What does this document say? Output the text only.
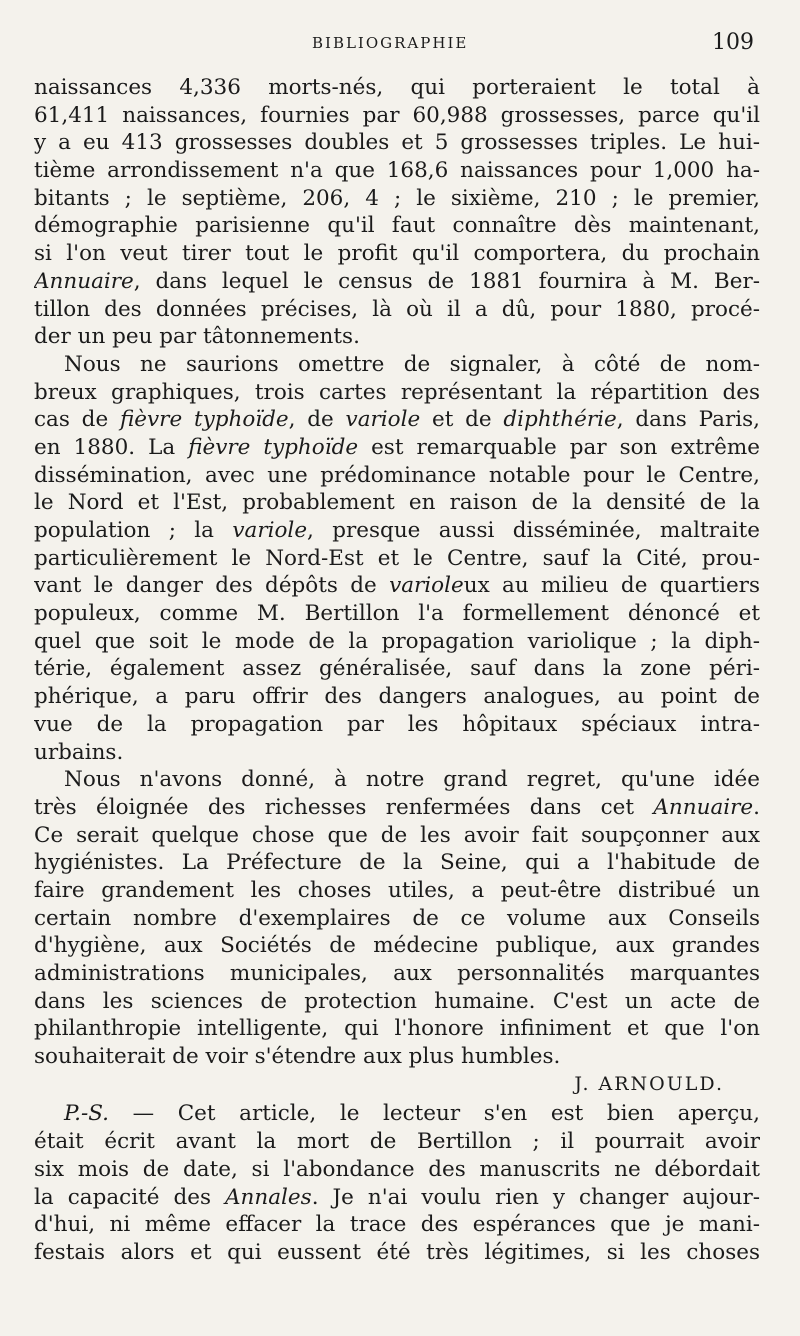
BIBLIOGRAPHIE	109
naissances 4,336 morts-nés, qui porteraient le total à
61,411 naissances, fournies par 60,988 grossesses, parce qu'il
y a eu 413 grossesses doubles et 5 grossesses triples. Le hui-
tième arrondissement n'a que 168,6 naissances pour 1,000 ha-
bitants ; le septième, 206, 4 ; le sixième, 210 ; le premier,
démographie parisienne qu'il faut connaître dès maintenant,
si l'on veut tirer tout le profit qu'il comportera, du prochain
Annuaire, dans lequel le census de 1881 fournira à M. Ber-
tillon des données précises, là où il a dû, pour 1880, procé-
der un peu par tâtonnements.
Nous ne saurions omettre de signaler, à côté de nom-
breux graphiques, trois cartes représentant la répartition des
cas de fièvre typhoïde, de variole et de diphthérie, dans Paris,
en 1880. La fièvre typhoïde est remarquable par son extrême
dissémination, avec une prédominance notable pour le Centre,
le Nord et l'Est, probablement en raison de la densité de la
population ; la variole, presque aussi disséminée, maltraite
particulièrement le Nord-Est et le Centre, sauf la Cité, prou-
vant le danger des dépôts de varioleux au milieu de quartiers
populeux, comme M. Bertillon l'a formellement dénoncé et
quel que soit le mode de la propagation variolique ; la diph-
térie, également assez généralisée, sauf dans la zone péri-
phérique, a paru offrir des dangers analogues, au point de
vue de la propagation par les hôpitaux spéciaux intra-
urbains.
Nous n'avons donné, à notre grand regret, qu'une idée
très éloignée des richesses renfermées dans cet Annuaire.
Ce serait quelque chose que de les avoir fait soupçonner aux
hygiénistes. La Préfecture de la Seine, qui a l'habitude de
faire grandement les choses utiles, a peut-être distribué un
certain nombre d'exemplaires de ce volume aux Conseils
d'hygiène, aux Sociétés de médecine publique, aux grandes
administrations municipales, aux personnalités marquantes
dans les sciences de protection humaine. C'est un acte de
philanthropie intelligente, qui l'honore infiniment et que l'on
souhaiterait de voir s'étendre aux plus humbles.
J. ARNOULD.
P.-S. — Cet article, le lecteur s'en est bien aperçu,
était écrit avant la mort de Bertillon ; il pourrait avoir
six mois de date, si l'abondance des manuscrits ne débordait
la capacité des Annales. Je n'ai voulu rien y changer aujour-
d'hui, ni même effacer la trace des espérances que je mani-
festais alors et qui eussent été très légitimes, si les choses
